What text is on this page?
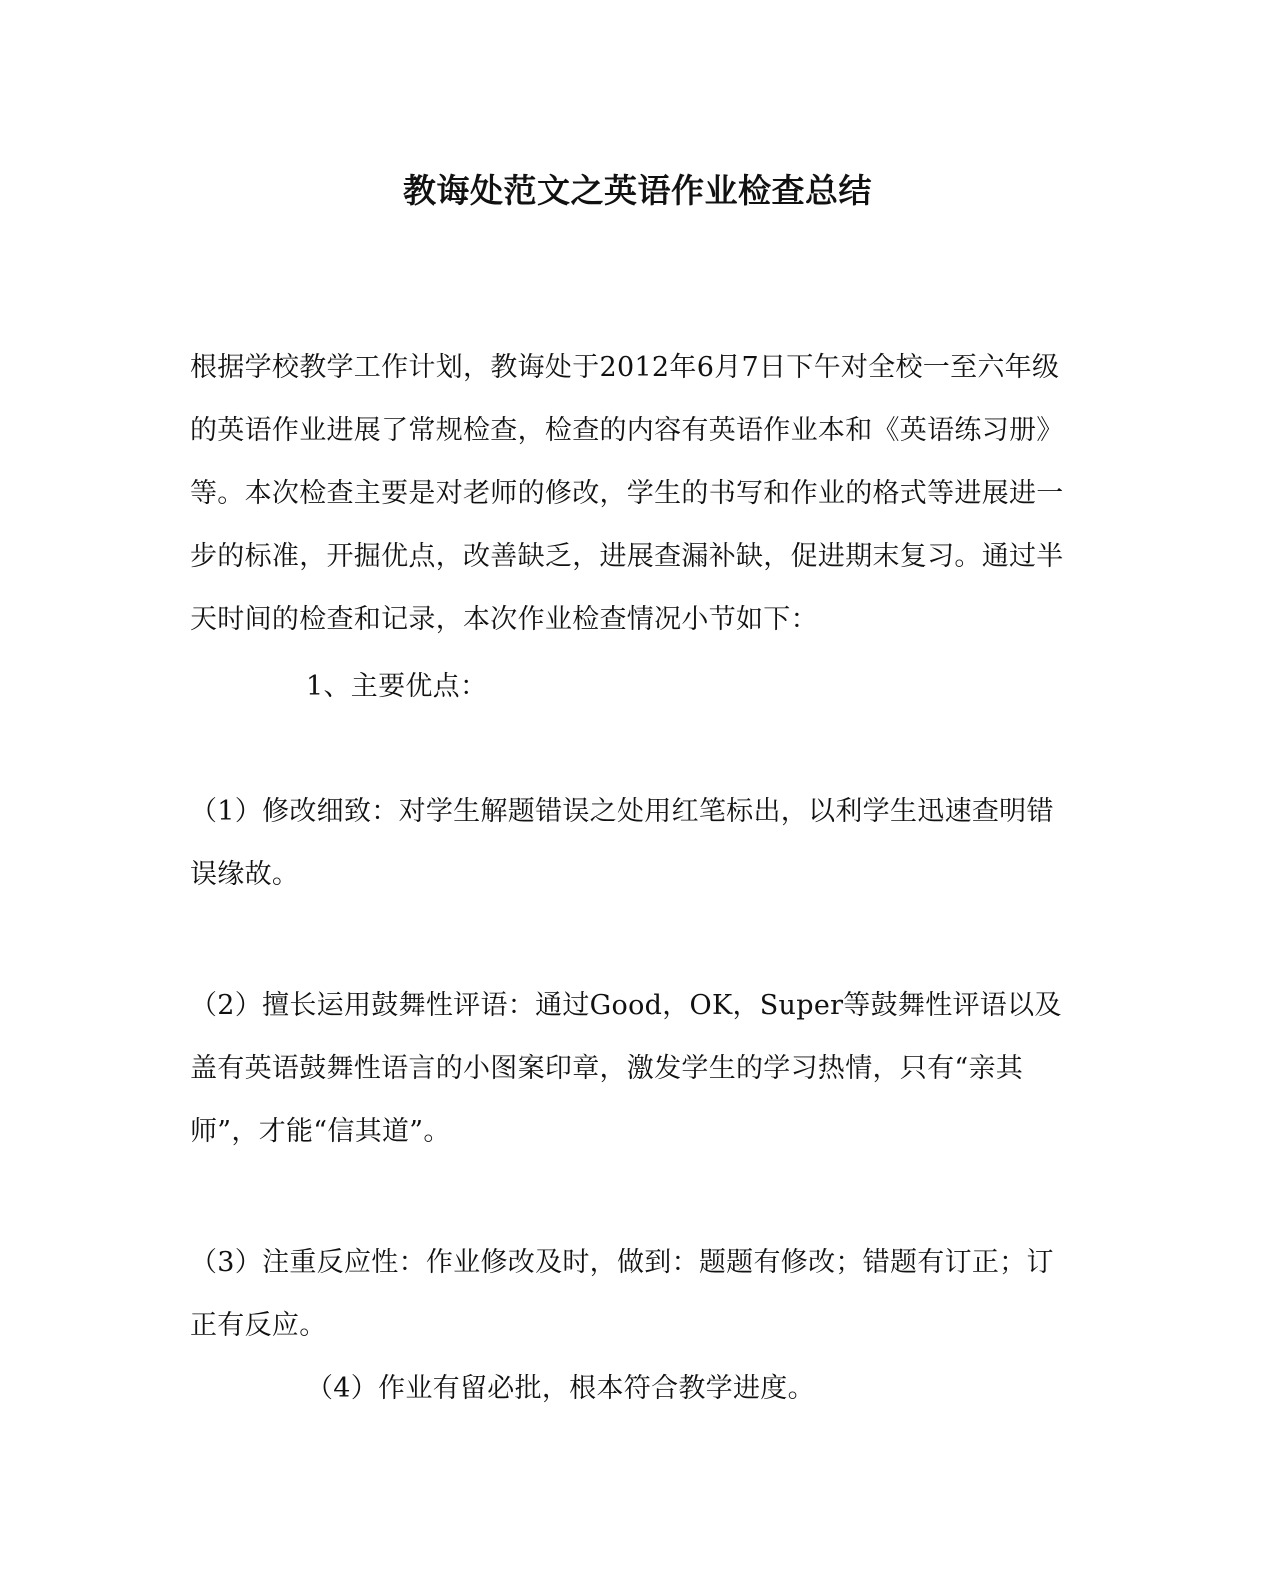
教诲处范文之英语作业检查总结

根据学校教学工作计划，教诲处于2012年6月7日下午对全校一至六年级的英语作业进展了常规检查，检查的内容有英语作业本和《英语练习册》等。本次检查主要是对老师的修改，学生的书写和作业的格式等进展进一步的标准，开掘优点，改善缺乏，进展查漏补缺，促进期末复习。通过半天时间的检查和记录，本次作业检查情况小节如下：

1、主要优点：

（1）修改细致：对学生解题错误之处用红笔标出，以利学生迅速查明错误缘故。

（2）擅长运用鼓舞性评语：通过Good，OK，Super等鼓舞性评语以及盖有英语鼓舞性语言的小图案印章，激发学生的学习热情，只有“亲其师”，才能“信其道”。

（3）注重反应性：作业修改及时，做到：题题有修改；错题有订正；订正有反应。

（4）作业有留必批，根本符合教学进度。
